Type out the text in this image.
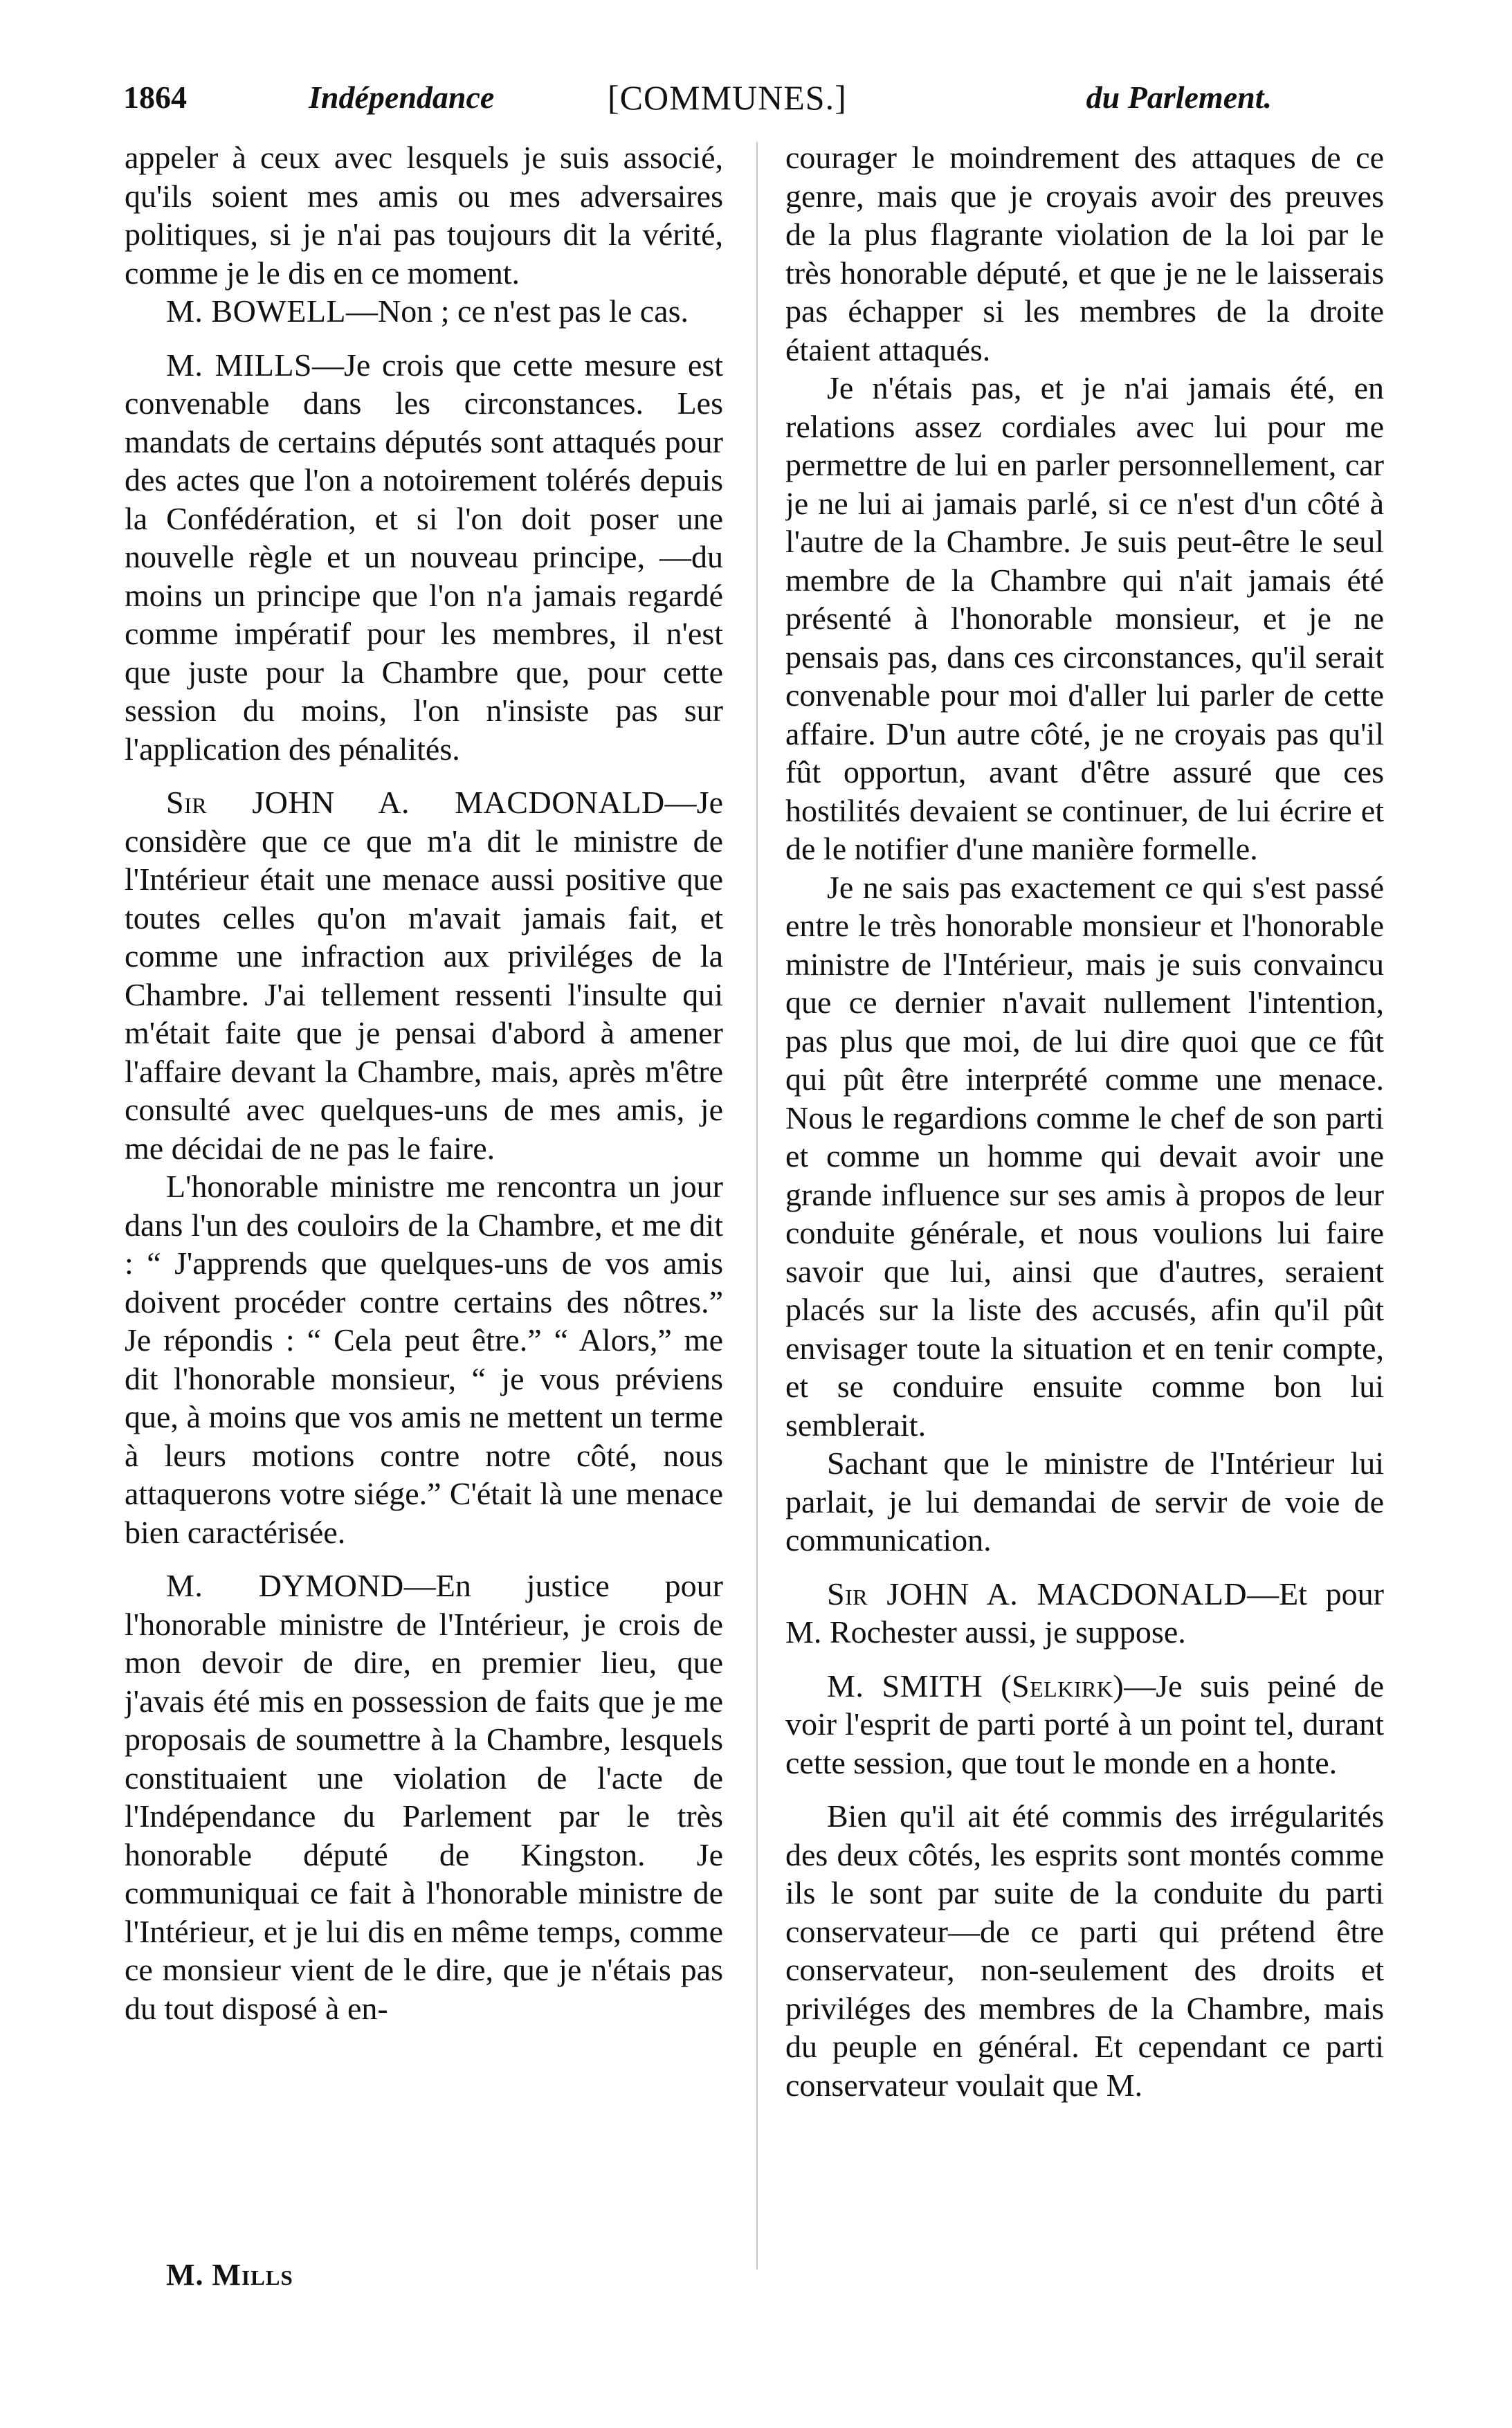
1864	Indépendance	[COMMUNES.]	du Parlement.

appeler à ceux avec lesquels je suis associé, qu'ils soient mes amis ou mes adversaires politiques, si je n'ai pas toujours dit la vérité, comme je le dis en ce moment.

M. BOWELL—Non ; ce n'est pas le cas.

M. MILLS—Je crois que cette mesure est convenable dans les circonstances. Les mandats de certains députés sont attaqués pour des actes que l'on a notoirement tolérés depuis la Confédération, et si l'on doit poser une nouvelle règle et un nouveau principe, —du moins un principe que l'on n'a jamais regardé comme impératif pour les membres, il n'est que juste pour la Chambre que, pour cette session du moins, l'on n'insiste pas sur l'application des pénalités.

Sir JOHN A. MACDONALD—Je considère que ce que m'a dit le ministre de l'Intérieur était une menace aussi positive que toutes celles qu'on m'avait jamais fait, et comme une infraction aux priviléges de la Chambre. J'ai tellement ressenti l'insulte qui m'était faite que je pensai d'abord à amener l'affaire devant la Chambre, mais, après m'être consulté avec quelques-uns de mes amis, je me décidai de ne pas le faire.

L'honorable ministre me rencontra un jour dans l'un des couloirs de la Chambre, et me dit : “ J'apprends que quelques-uns de vos amis doivent procéder contre certains des nôtres.” Je répondis : “ Cela peut être.” “ Alors,” me dit l'honorable monsieur, “ je vous préviens que, à moins que vos amis ne mettent un terme à leurs motions contre notre côté, nous attaquerons votre siége.” C'était là une menace bien caractérisée.

M. DYMOND—En justice pour l'honorable ministre de l'Intérieur, je crois de mon devoir de dire, en premier lieu, que j'avais été mis en possession de faits que je me proposais de soumettre à la Chambre, lesquels constituaient une violation de l'acte de l'Indépendance du Parlement par le très honorable député de Kingston. Je communiquai ce fait à l'honorable ministre de l'Intérieur, et je lui dis en même temps, comme ce monsieur vient de le dire, que je n'étais pas du tout disposé à en-

courager le moindrement des attaques de ce genre, mais que je croyais avoir des preuves de la plus flagrante violation de la loi par le très honorable député, et que je ne le laisserais pas échapper si les membres de la droite étaient attaqués.

Je n'étais pas, et je n'ai jamais été, en relations assez cordiales avec lui pour me permettre de lui en parler personnellement, car je ne lui ai jamais parlé, si ce n'est d'un côté à l'autre de la Chambre. Je suis peut-être le seul membre de la Chambre qui n'ait jamais été présenté à l'honorable monsieur, et je ne pensais pas, dans ces circonstances, qu'il serait convenable pour moi d'aller lui parler de cette affaire. D'un autre côté, je ne croyais pas qu'il fût opportun, avant d'être assuré que ces hostilités devaient se continuer, de lui écrire et de le notifier d'une manière formelle.

Je ne sais pas exactement ce qui s'est passé entre le très honorable monsieur et l'honorable ministre de l'Intérieur, mais je suis convaincu que ce dernier n'avait nullement l'intention, pas plus que moi, de lui dire quoi que ce fût qui pût être interprété comme une menace. Nous le regardions comme le chef de son parti et comme un homme qui devait avoir une grande influence sur ses amis à propos de leur conduite générale, et nous voulions lui faire savoir que lui, ainsi que d'autres, seraient placés sur la liste des accusés, afin qu'il pût envisager toute la situation et en tenir compte, et se conduire ensuite comme bon lui semblerait.

Sachant que le ministre de l'Intérieur lui parlait, je lui demandai de servir de voie de communication.

Sir JOHN A. MACDONALD—Et pour M. Rochester aussi, je suppose.

M. SMITH (Selkirk)—Je suis peiné de voir l'esprit de parti porté à un point tel, durant cette session, que tout le monde en a honte.

Bien qu'il ait été commis des irrégularités des deux côtés, les esprits sont montés comme ils le sont par suite de la conduite du parti conservateur—de ce parti qui prétend être conservateur, non-seulement des droits et priviléges des membres de la Chambre, mais du peuple en général. Et cependant ce parti conservateur voulait que M.

M. Mills
